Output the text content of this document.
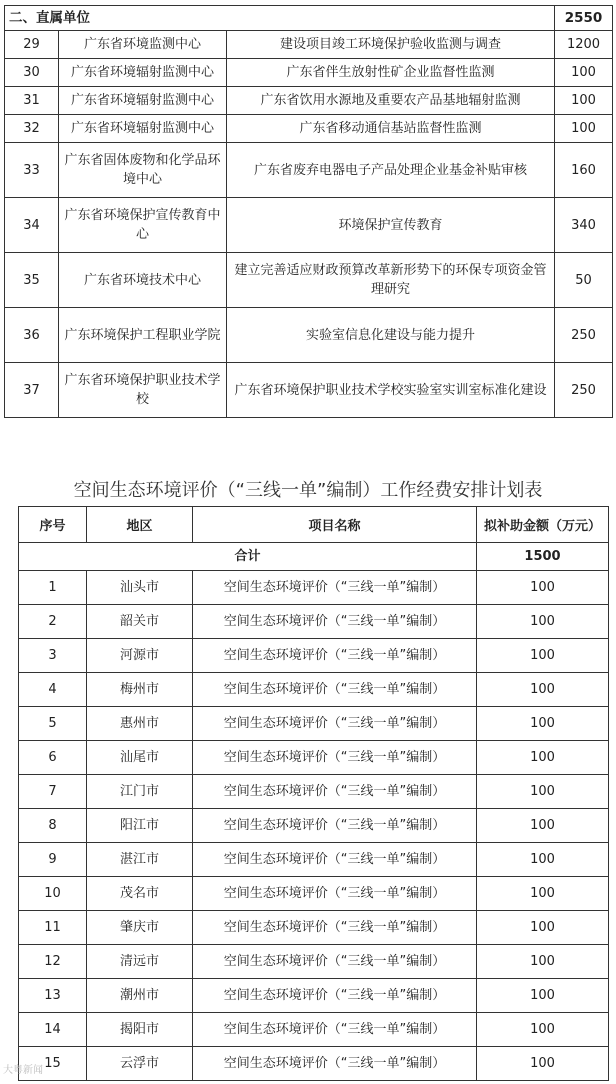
二、直属单位			2550
29	广东省环境监测中心	建设项目竣工环境保护验收监测与调查	1200
30	广东省环境辐射监测中心	广东省伴生放射性矿企业监督性监测	100
31	广东省环境辐射监测中心	广东省饮用水源地及重要农产品基地辐射监测	100
32	广东省环境辐射监测中心	广东省移动通信基站监督性监测	100
33	广东省固体废物和化学品环境中心	广东省废弃电器电子产品处理企业基金补贴审核	160
34	广东省环境保护宣传教育中心	环境保护宣传教育	340
35	广东省环境技术中心	建立完善适应财政预算改革新形势下的环保专项资金管理研究	50
36	广东环境保护工程职业学院	实验室信息化建设与能力提升	250
37	广东省环境保护职业技术学校	广东省环境保护职业技术学校实验室实训室标准化建设	250
空间生态环境评价（“三线一单”编制）工作经费安排计划表
序号	地区	项目名称	拟补助金额（万元）
合计			1500
1	汕头市	空间生态环境评价（“三线一单”编制）	100
2	韶关市	空间生态环境评价（“三线一单”编制）	100
3	河源市	空间生态环境评价（“三线一单”编制）	100
4	梅州市	空间生态环境评价（“三线一单”编制）	100
5	惠州市	空间生态环境评价（“三线一单”编制）	100
6	汕尾市	空间生态环境评价（“三线一单”编制）	100
7	江门市	空间生态环境评价（“三线一单”编制）	100
8	阳江市	空间生态环境评价（“三线一单”编制）	100
9	湛江市	空间生态环境评价（“三线一单”编制）	100
10	茂名市	空间生态环境评价（“三线一单”编制）	100
11	肇庆市	空间生态环境评价（“三线一单”编制）	100
12	清远市	空间生态环境评价（“三线一单”编制）	100
13	潮州市	空间生态环境评价（“三线一单”编制）	100
14	揭阳市	空间生态环境评价（“三线一单”编制）	100
15	云浮市	空间生态环境评价（“三线一单”编制）	100
大粤新闻
